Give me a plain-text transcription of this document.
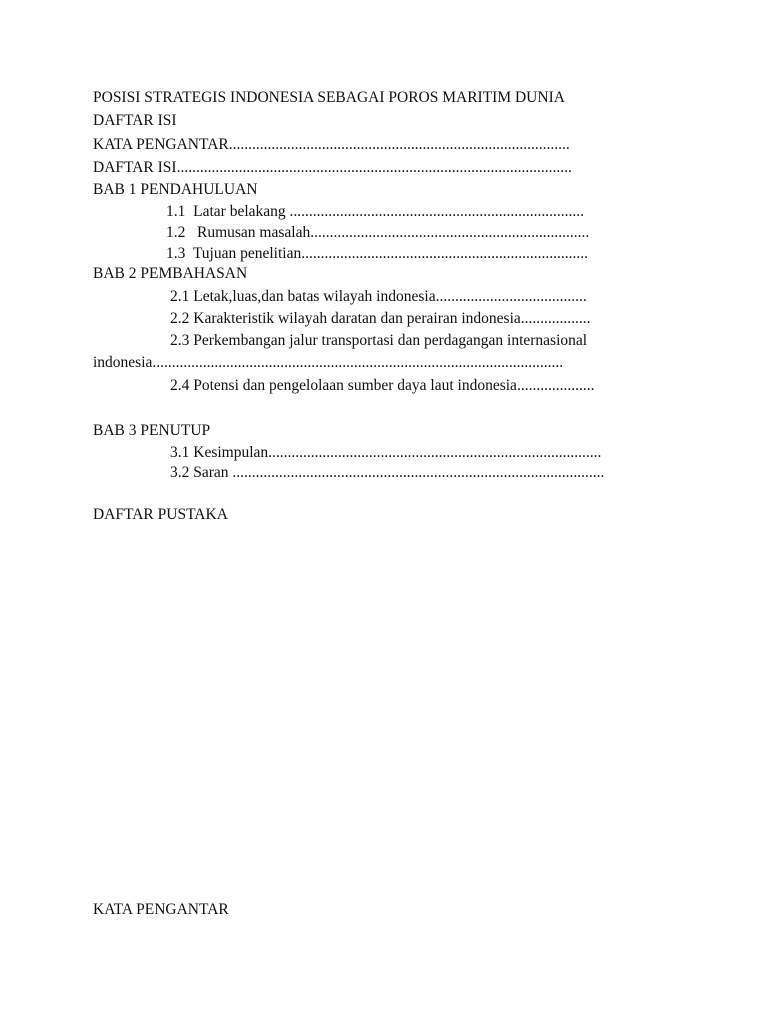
POSISI STRATEGIS INDONESIA SEBAGAI POROS MARITIM DUNIA
DAFTAR ISI
KATA PENGANTAR........................................................................................
DAFTAR ISI......................................................................................................
BAB 1 PENDAHULUAN
1.1  Latar belakang ............................................................................
1.2   Rumusan masalah........................................................................
1.3  Tujuan penelitian..........................................................................
BAB 2 PEMBAHASAN
2.1 Letak,luas,dan batas wilayah indonesia.......................................
2.2 Karakteristik wilayah daratan dan perairan indonesia..................
2.3 Perkembangan jalur transportasi dan perdagangan internasional
indonesia..........................................................................................................
2.4 Potensi dan pengelolaan sumber daya laut indonesia....................
BAB 3 PENUTUP
3.1 Kesimpulan......................................................................................
3.2 Saran ................................................................................................
DAFTAR PUSTAKA
KATA PENGANTAR
